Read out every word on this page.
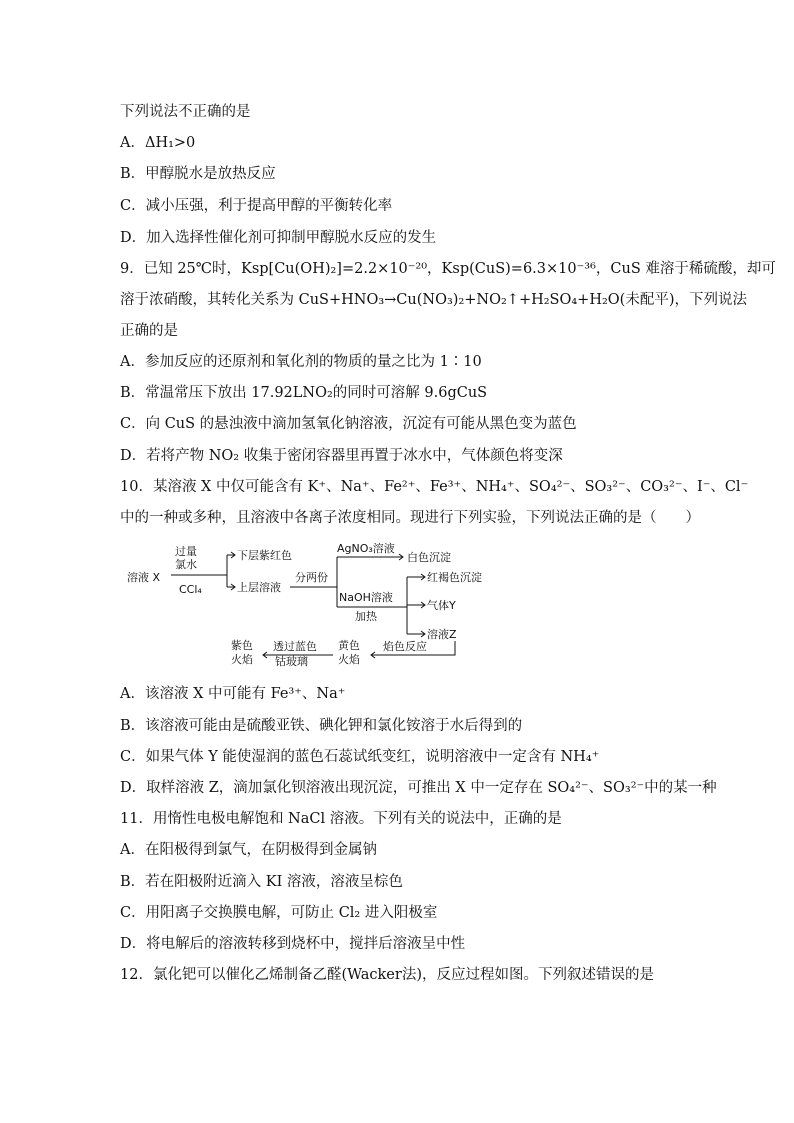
下列说法不正确的是
A．ΔH₁>0
B．甲醇脱水是放热反应
C．减小压强，利于提高甲醇的平衡转化率
D．加入选择性催化剂可抑制甲醇脱水反应的发生
9．已知 25℃时，Ksp[Cu(OH)₂]=2.2×10⁻²⁰，Ksp(CuS)=6.3×10⁻³⁶，CuS 难溶于稀硫酸，却可
溶于浓硝酸，其转化关系为 CuS+HNO₃→Cu(NO₃)₂+NO₂↑+H₂SO₄+H₂O(未配平)，下列说法
正确的是
A．参加反应的还原剂和氧化剂的物质的量之比为 1∶10
B．常温常压下放出 17.92LNO₂的同时可溶解 9.6gCuS
C．向 CuS 的悬浊液中滴加氢氧化钠溶液，沉淀有可能从黑色变为蓝色
D．若将产物 NO₂ 收集于密闭容器里再置于冰水中，气体颜色将变深
10．某溶液 X 中仅可能含有 K⁺、Na⁺、Fe²⁺、Fe³⁺、NH₄⁺、SO₄²⁻、SO₃²⁻、CO₃²⁻、I⁻、Cl⁻
中的一种或多种，且溶液中各离子浓度相同。现进行下列实验，下列说法正确的是（　　）
溶液 X
过量
氯水
CCl₄
下层紫红色
上层溶液
分两份
AgNO₃溶液
白色沉淀
NaOH溶液
加热
红褐色沉淀
气体Y
溶液Z
焰色反应
黄色
火焰
透过蓝色
钴玻璃
紫色
火焰
A．该溶液 X 中可能有 Fe³⁺、Na⁺
B．该溶液可能由是硫酸亚铁、碘化钾和氯化铵溶于水后得到的
C．如果气体 Y 能使湿润的蓝色石蕊试纸变红，说明溶液中一定含有 NH₄⁺
D．取样溶液 Z，滴加氯化钡溶液出现沉淀，可推出 X 中一定存在 SO₄²⁻、SO₃²⁻中的某一种
11．用惰性电极电解饱和 NaCl 溶液。下列有关的说法中，正确的是
A．在阳极得到氯气，在阴极得到金属钠
B．若在阳极附近滴入 KI 溶液，溶液呈棕色
C．用阳离子交换膜电解，可防止 Cl₂ 进入阳极室
D．将电解后的溶液转移到烧杯中，搅拌后溶液呈中性
12．氯化钯可以催化乙烯制备乙醛(Wacker法)，反应过程如图。下列叙述错误的是
